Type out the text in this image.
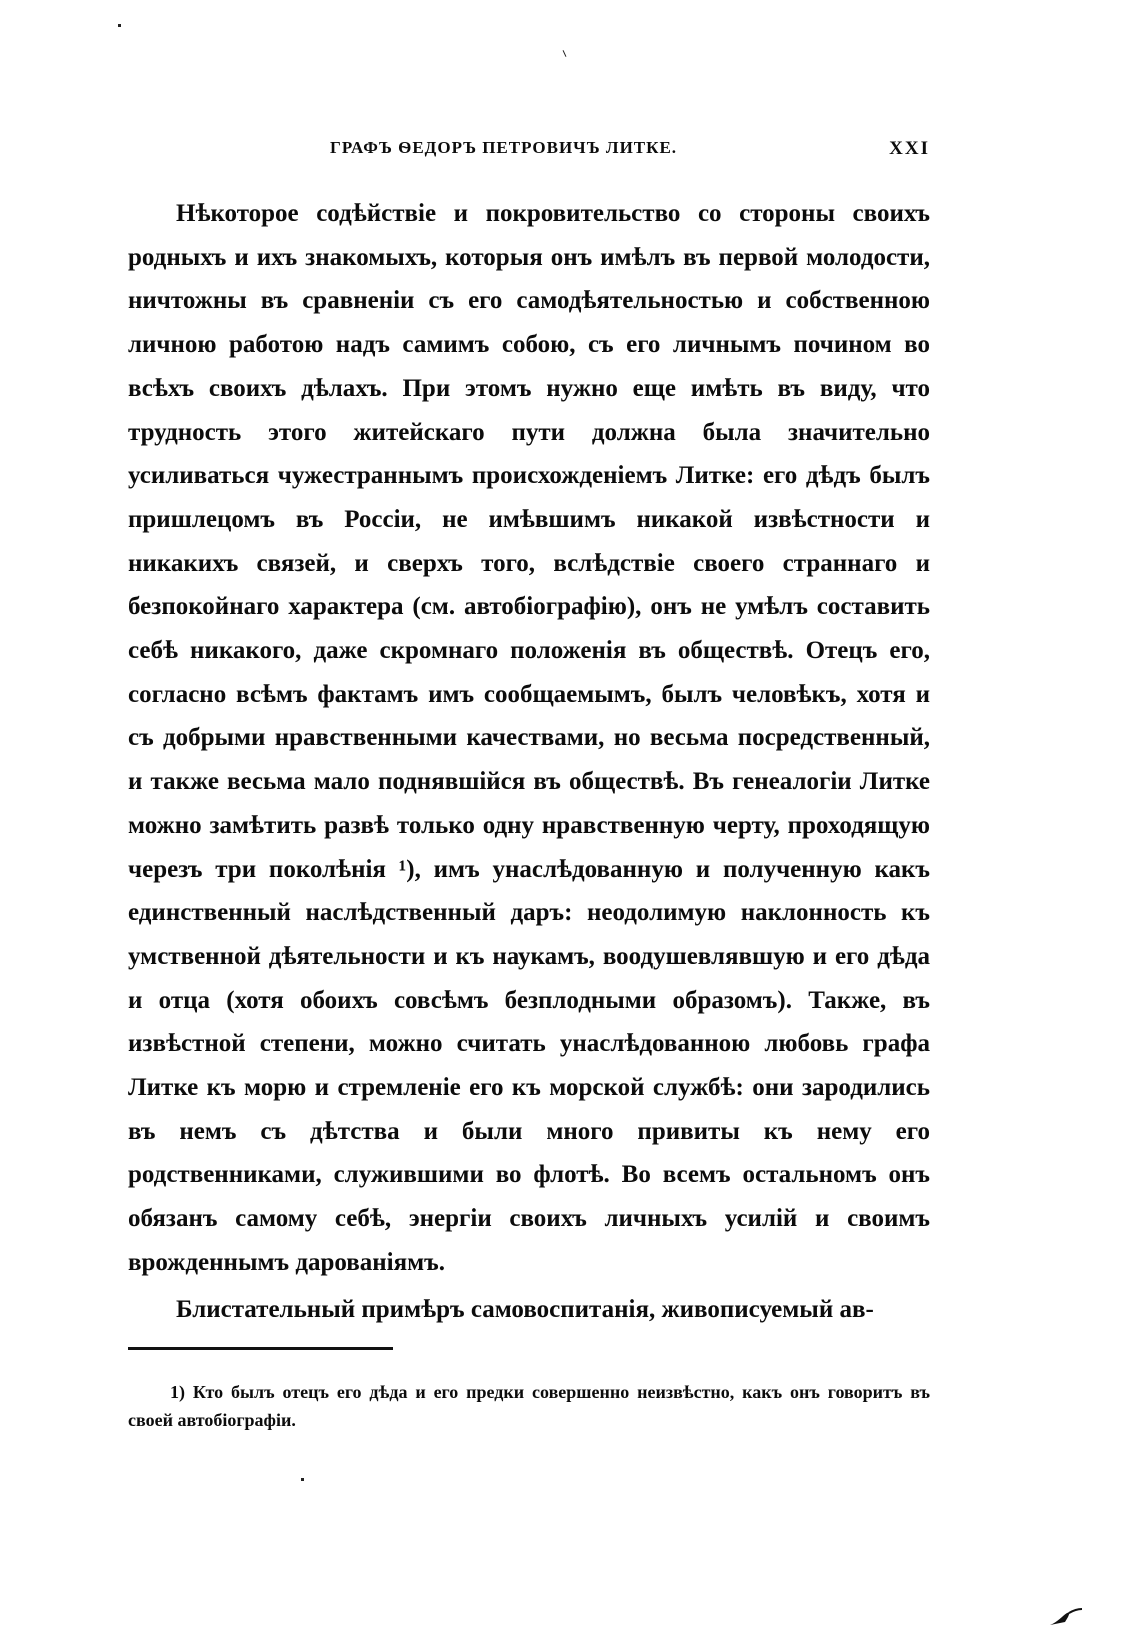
ГРАФЪ ѲЕДОРЪ ПЕТРОВИЧЪ ЛИТКЕ.	XXI

Нѣкоторое содѣйствіе и покровительство со стороны своихъ родныхъ и ихъ знакомыхъ, которыя онъ имѣлъ въ первой молодости, ничтожны въ сравненіи съ его самодѣятельностью и собственною личною работою надъ самимъ собою, съ его личнымъ почином во всѣхъ своихъ дѣлахъ. При этомъ нужно еще имѣть въ виду, что трудность этого житейскаго пути должна была значительно усиливаться чужестраннымъ происхожденіемъ Литке: его дѣдъ былъ пришлецомъ въ Россіи, не имѣвшимъ никакой извѣстности и никакихъ связей, и сверхъ того, вслѣдствіе своего страннаго и безпокойнаго характера (см. автобіографію), онъ не умѣлъ составить себѣ никакого, даже скромнаго положенія въ обществѣ. Отецъ его, согласно всѣмъ фактамъ имъ сообщаемымъ, былъ человѣкъ, хотя и съ добрыми нравственными качествами, но весьма посредственный, и также весьма мало поднявшійся въ обществѣ. Въ генеалогіи Литке можно замѣтить развѣ только одну нравственную черту, проходящую черезъ три поколѣнія ¹), имъ унаслѣдованную и полученную какъ единственный наслѣдственный даръ: неодолимую наклонность къ умственной дѣятельности и къ наукамъ, воодушевлявшую и его дѣда и отца (хотя обоихъ совсѣмъ безплодными образомъ). Также, въ извѣстной степени, можно считать унаслѣдованною любовь графа Литке къ морю и стремленіе его къ морской службѣ: они зародились въ немъ съ дѣтства и были много привиты къ нему его родственниками, служившими во флотѣ. Во всемъ остальномъ онъ обязанъ самому себѣ, энергіи своихъ личныхъ усилій и своимъ врожденнымъ дарованіямъ.

Блистательный примѣръ самовоспитанія, живописуемый ав-

1) Кто былъ отецъ его дѣда и его предки совершенно неизвѣстно, какъ онъ говоритъ въ своей автобіографіи.
